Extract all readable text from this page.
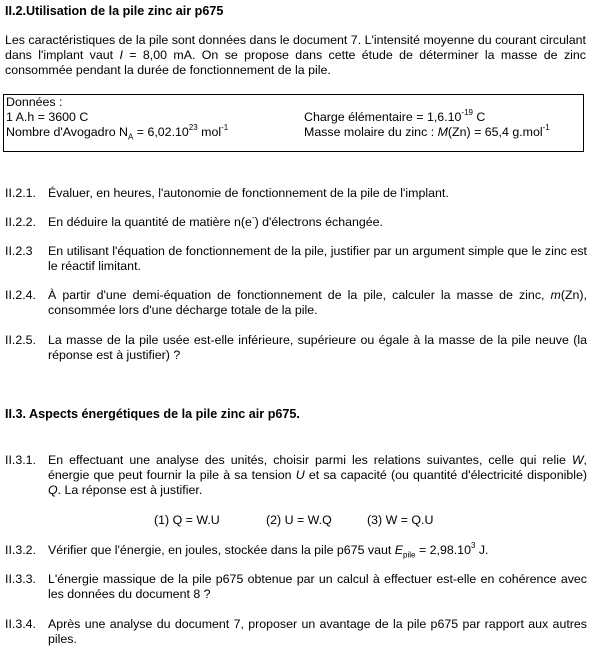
II.2.Utilisation de la pile zinc air p675
Les caractéristiques de la pile sont données dans le document 7. L'intensité moyenne du courant circulant dans l'implant vaut I = 8,00 mA. On se propose dans cette étude de déterminer la masse de zinc consommée pendant la durée de fonctionnement de la pile.
Données :
1 A.h = 3600 C	Charge élémentaire = $1,6.10^{-19}$ C
Nombre d'Avogadro $N_A = 6,02.10^{23}$ mol$^{-1}$	Masse molaire du zinc : M(Zn) = 65,4 g.mol$^{-1}$
II.2.1. Évaluer, en heures, l'autonomie de fonctionnement de la pile de l'implant.
II.2.2. En déduire la quantité de matière n(e-) d'électrons échangée.
II.2.3 En utilisant l'équation de fonctionnement de la pile, justifier par un argument simple que le zinc est le réactif limitant.
II.2.4. À partir d'une demi-équation de fonctionnement de la pile, calculer la masse de zinc, m(Zn), consommée lors d'une décharge totale de la pile.
II.2.5. La masse de la pile usée est-elle inférieure, supérieure ou égale à la masse de la pile neuve (la réponse est à justifier) ?
II.3. Aspects énergétiques de la pile zinc air p675.
II.3.1. En effectuant une analyse des unités, choisir parmi les relations suivantes, celle qui relie W, énergie que peut fournir la pile à sa tension U et sa capacité (ou quantité d'électricité disponible) Q. La réponse est à justifier.
(1) Q = W.U	(2) U = W.Q	(3) W = Q.U
II.3.2. Vérifier que l'énergie, en joules, stockée dans la pile p675 vaut $E_{pile} = 2,98.10^3$ J.
II.3.3. L'énergie massique de la pile p675 obtenue par un calcul à effectuer est-elle en cohérence avec les données du document 8 ?
II.3.4. Après une analyse du document 7, proposer un avantage de la pile p675 par rapport aux autres piles.
